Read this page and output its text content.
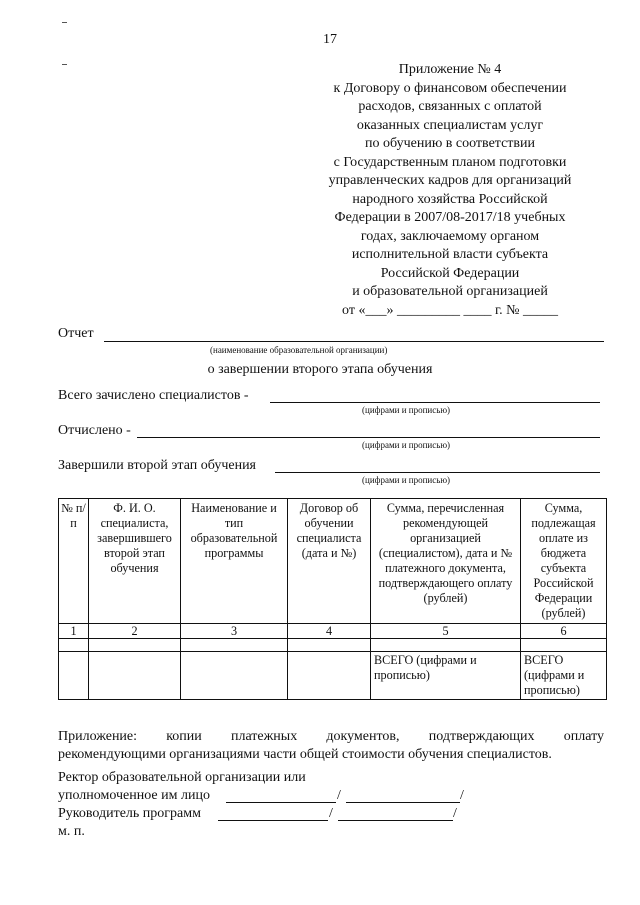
17
Приложение № 4
к Договору о финансовом обеспечении
расходов, связанных с оплатой
оказанных специалистам услуг
по обучению в соответствии
с Государственным планом подготовки
управленческих кадров для организаций
народного хозяйства Российской
Федерации в 2007/08-2017/18 учебных
годах, заключаемому органом
исполнительной власти субъекта
Российской Федерации
и образовательной организацией
от «___» _________ ____ г. № _____
Отчет
(наименование образовательной организации)
о завершении второго этапа обучения
Всего зачислено специалистов -
(цифрами и прописью)
Отчислено -
(цифрами и прописью)
Завершили второй этап обучения
(цифрами и прописью)
№ п/п	Ф. И. О. специалиста, завершившего второй этап обучения	Наименование и тип образовательной программы	Договор об обучении специалиста (дата и №)	Сумма, перечисленная рекомендующей организацией (специалистом), дата и № платежного документа, подтверждающего оплату (рублей)	Сумма, подлежащая оплате из бюджета субъекта Российской Федерации (рублей)
1	2	3	4	5	6

				ВСЕГО (цифрами и прописью)	ВСЕГО (цифрами и прописью)
Приложение: копии платежных документов, подтверждающих оплату
рекомендующими организациями части общей стоимости обучения специалистов.
Ректор образовательной организации или
уполномоченное им лицо	/	/
Руководитель программ	/	/
м. п.
